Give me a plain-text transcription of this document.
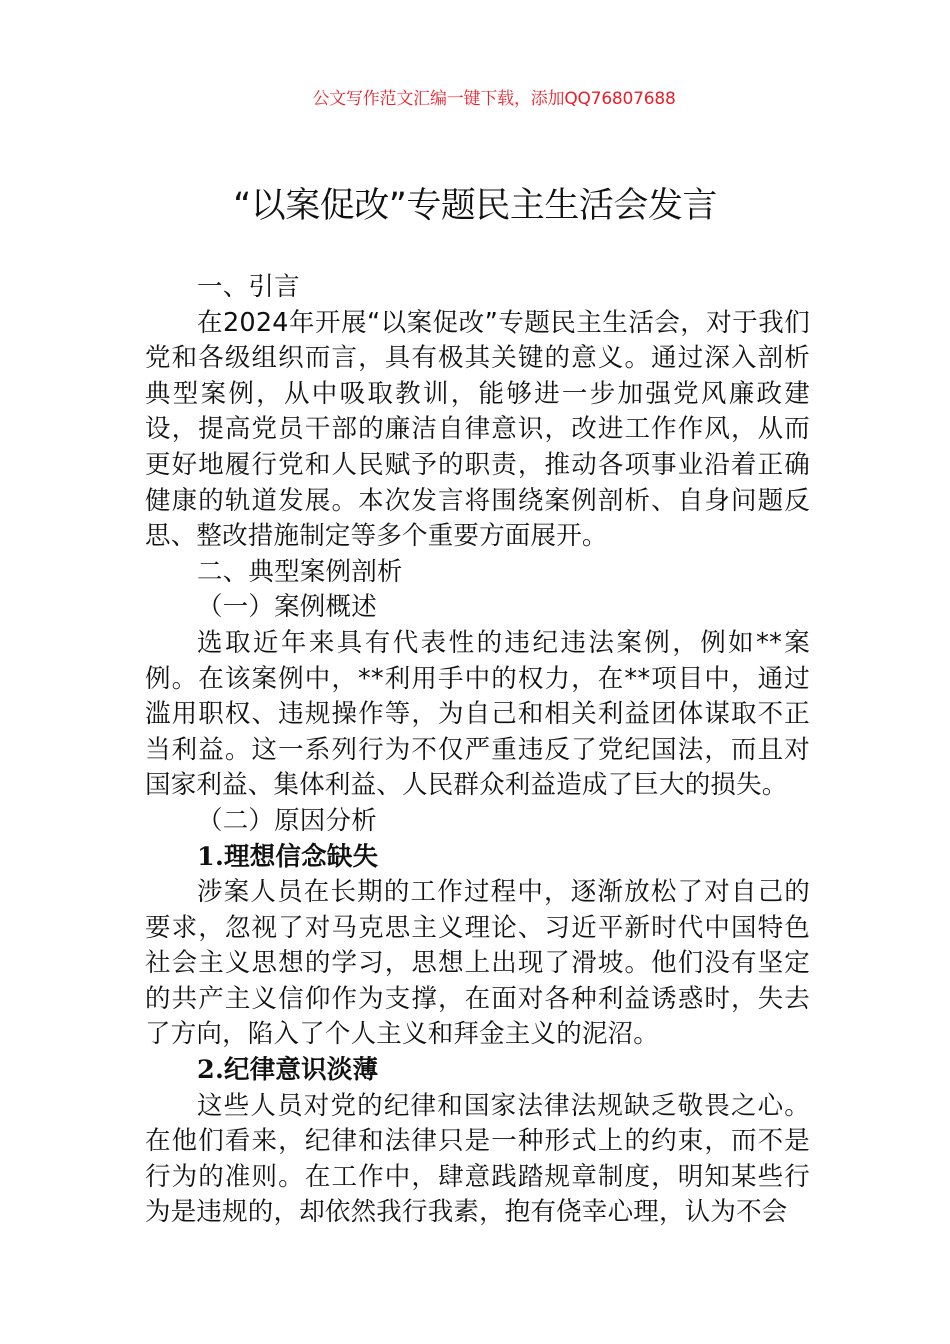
公文写作范文汇编一键下载，添加QQ76807688
“以案促改”专题民主生活会发言

一、引言

在2024年开展“以案促改”专题民主生活会，对于我们党和各级组织而言，具有极其关键的意义。通过深入剖析典型案例，从中吸取教训，能够进一步加强党风廉政建设，提高党员干部的廉洁自律意识，改进工作作风，从而更好地履行党和人民赋予的职责，推动各项事业沿着正确健康的轨道发展。本次发言将围绕案例剖析、自身问题反思、整改措施制定等多个重要方面展开。

二、典型案例剖析

（一）案例概述

选取近年来具有代表性的违纪违法案例，例如**案例。在该案例中，**利用手中的权力，在**项目中，通过滥用职权、违规操作等，为自己和相关利益团体谋取不正当利益。这一系列行为不仅严重违反了党纪国法，而且对国家利益、集体利益、人民群众利益造成了巨大的损失。

（二）原因分析

1.理想信念缺失

涉案人员在长期的工作过程中，逐渐放松了对自己的要求，忽视了对马克思主义理论、习近平新时代中国特色社会主义思想的学习，思想上出现了滑坡。他们没有坚定的共产主义信仰作为支撑，在面对各种利益诱惑时，失去了方向，陷入了个人主义和拜金主义的泥沼。

2.纪律意识淡薄

这些人员对党的纪律和国家法律法规缺乏敬畏之心。在他们看来，纪律和法律只是一种形式上的约束，而不是行为的准则。在工作中，肆意践踏规章制度，明知某些行为是违规的，却依然我行我素，抱有侥幸心理，认为不会
